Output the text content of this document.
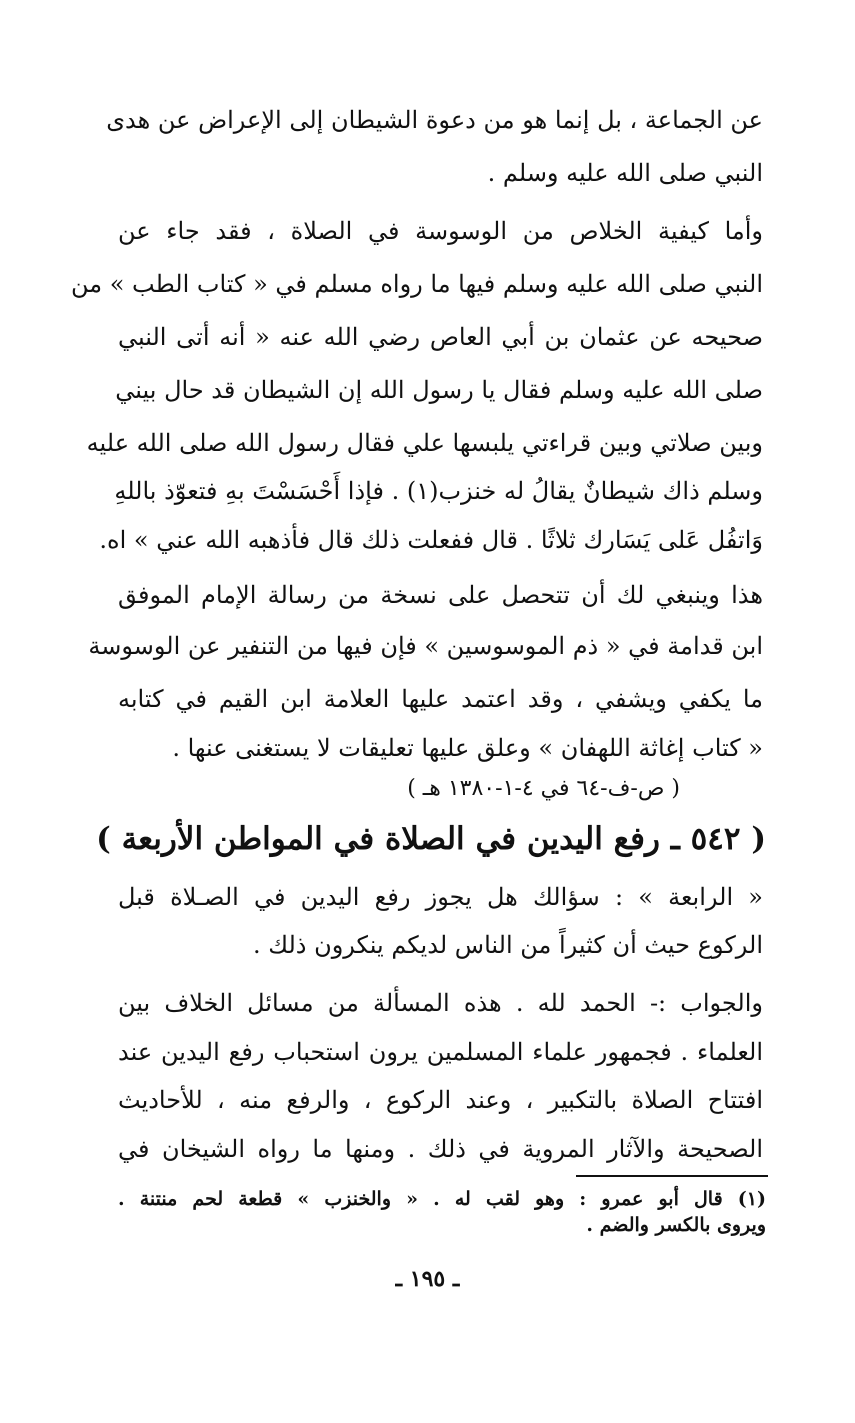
عن الجماعة ، بل إنما هو من دعوة الشيطان إلى الإعراض عن هدى
النبي صلى الله عليه وسلم .
وأما كيفية الخلاص من الوسوسة في الصلاة ، فقد جاء عن
النبي صلى الله عليه وسلم فيها ما رواه مسلم في « كتاب الطب » من
صحيحه عن عثمان بن أبي العاص رضي الله عنه « أنه أتى النبي
صلى الله عليه وسلم فقال يا رسول الله إن الشيطان قد حال بيني
وبين صلاتي وبين قراءتي يلبسها علي فقال رسول الله صلى الله عليه
وسلم ذاك شيطانٌ يقالُ له خنزب(١) . فإذا أَحْسَسْتَ بهِ فتعوّذ باللهِ
وَاتفُل عَلى يَسَارك ثلاثًا . قال ففعلت ذلك قال فأذهبه الله عني » اه.
هذا وينبغي لك أن تتحصل على نسخة من رسالة الإمام الموفق
ابن قدامة في « ذم الموسوسين » فإن فيها من التنفير عن الوسوسة
ما يكفي ويشفي ، وقد اعتمد عليها العلامة ابن القيم في كتابه
« كتاب إغاثة اللهفان » وعلق عليها تعليقات لا يستغنى عنها .
( ص-ف-٦٤ في ٤-١-١٣٨٠ هـ )
( ٥٤٢ ـ رفع اليدين في الصلاة في المواطن الأربعة )
« الرابعة » : سؤالك هل يجوز رفع اليدين في الصـلاة قبل
الركوع حيث أن كثيراً من الناس لديكم ينكرون ذلك .
والجواب :- الحمد لله . هذه المسألة من مسائل الخلاف بين
العلماء . فجمهور علماء المسلمين يرون استحباب رفع اليدين عند
افتتاح الصلاة بالتكبير ، وعند الركوع ، والرفع منه ، للأحاديث
الصحيحة والآثار المروية في ذلك . ومنها ما رواه الشيخان في
(١) قال أبو عمرو : وهو لقب له . « والخنزب » قطعة لحم منتنة .
ويروى بالكسر والضم .
ـ ١٩٥ ـ
